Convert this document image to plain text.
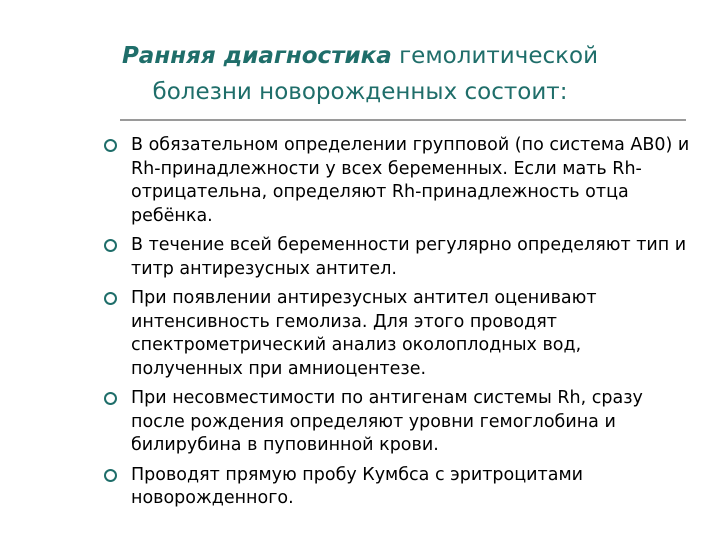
Ранняя диагностика гемолитической
болезни новорожденных состоит:
В обязательном определении групповой (по система АВ0) и Rh-принадлежности у всех беременных. Если мать Rh-отрицательна, определяют Rh-принадлежность отца ребёнка.
В течение всей беременности регулярно определяют тип и титр антирезусных антител.
При появлении антирезусных антител оценивают интенсивность гемолиза. Для этого проводят спектрометрический анализ околоплодных вод, полученных при амниоцентезе.
При несовместимости по антигенам системы Rh, сразу после рождения определяют уровни гемоглобина и билирубина в пуповинной крови.
Проводят прямую пробу Кумбса с эритроцитами новорожденного.
